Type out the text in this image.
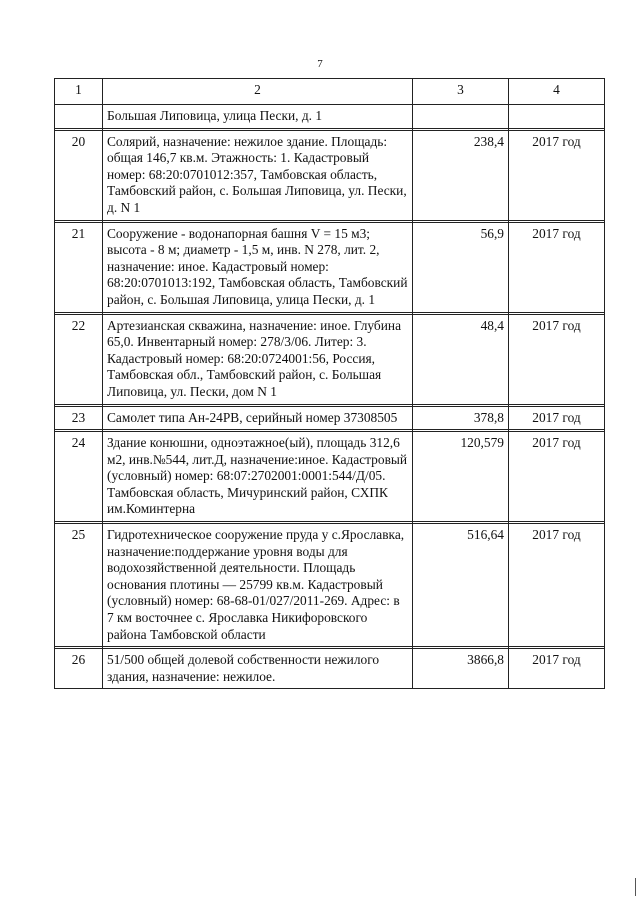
7
1	2	3	4
	Большая Липовица, улица Пески, д. 1		

20	Солярий, назначение: нежилое здание. Площадь: общая 146,7 кв.м. Этажность: 1. Кадастровый номер: 68:20:0701012:357, Тамбовская область, Тамбовский район, с. Большая Липовица, ул. Пески, д. N 1	238,4	2017 год

21	Сооружение - водонапорная башня V = 15 м3; высота - 8 м; диаметр - 1,5 м, инв. N 278, лит. 2, назначение: иное. Кадастровый номер: 68:20:0701013:192, Тамбовская область, Тамбовский район, с. Большая Липовица, улица Пески, д. 1	56,9	2017 год

22	Артезианская скважина, назначение: иное. Глубина 65,0. Инвентарный номер: 278/3/06. Литер: 3. Кадастровый номер: 68:20:0724001:56, Россия, Тамбовская обл., Тамбовский район, с. Большая Липовица, ул. Пески, дом N 1	48,4	2017 год

23	Самолет типа Ан-24РВ, серийный номер 37308505	378,8	2017 год

24	Здание конюшни, одноэтажное(ый), площадь 312,6 м2, инв.№544, лит.Д, назначение:иное. Кадастровый (условный) номер: 68:07:2702001:0001:544/Д/05. Тамбовская область, Мичуринский район, СХПК им.Коминтерна	120,579	2017 год

25	Гидротехническое сооружение пруда у с.Ярославка, назначение:поддержание уровня воды для водохозяйственной деятельности. Площадь основания плотины — 25799 кв.м. Кадастровый (условный) номер: 68-68-01/027/2011-269. Адрес: в 7 км восточнее с. Ярославка Никифоровского района Тамбовской области	516,64	2017 год

26	51/500 общей долевой собственности нежилого здания, назначение: нежилое.	3866,8	2017 год
